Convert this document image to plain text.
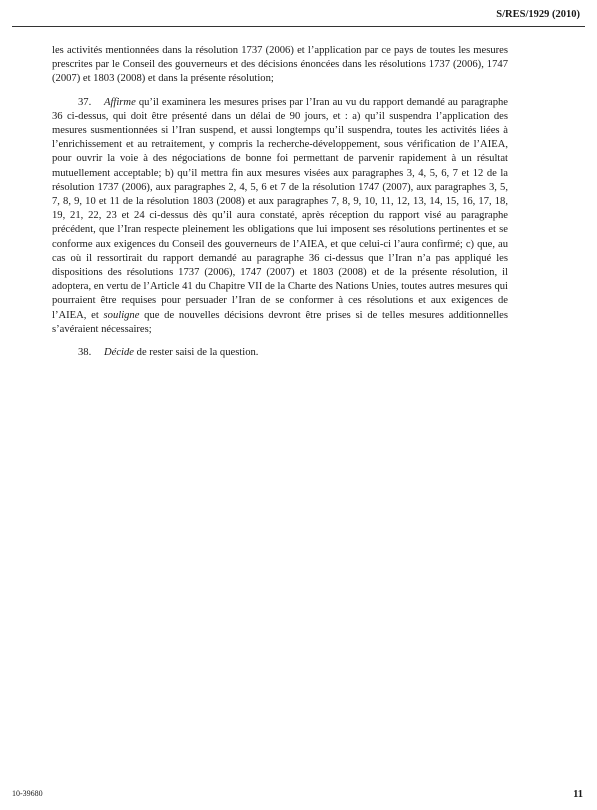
S/RES/1929 (2010)

les activités mentionnées dans la résolution 1737 (2006) et l’application par ce pays de toutes les mesures prescrites par le Conseil des gouverneurs et des décisions énoncées dans les résolutions 1737 (2006), 1747 (2007) et 1803 (2008) et dans la présente résolution;

37. Affirme qu’il examinera les mesures prises par l’Iran au vu du rapport demandé au paragraphe 36 ci-dessus, qui doit être présenté dans un délai de 90 jours, et : a) qu’il suspendra l’application des mesures susmentionnées si l’Iran suspend, et aussi longtemps qu’il suspendra, toutes les activités liées à l’enrichissement et au retraitement, y compris la recherche-développement, sous vérification de l’AIEA, pour ouvrir la voie à des négociations de bonne foi permettant de parvenir rapidement à un résultat mutuellement acceptable; b) qu’il mettra fin aux mesures visées aux paragraphes 3, 4, 5, 6, 7 et 12 de la résolution 1737 (2006), aux paragraphes 2, 4, 5, 6 et 7 de la résolution 1747 (2007), aux paragraphes 3, 5, 7, 8, 9, 10 et 11 de la résolution 1803 (2008) et aux paragraphes 7, 8, 9, 10, 11, 12, 13, 14, 15, 16, 17, 18, 19, 21, 22, 23 et 24 ci-dessus dès qu’il aura constaté, après réception du rapport visé au paragraphe précédent, que l’Iran respecte pleinement les obligations que lui imposent ses résolutions pertinentes et se conforme aux exigences du Conseil des gouverneurs de l’AIEA, et que celui-ci l’aura confirmé; c) que, au cas où il ressortirait du rapport demandé au paragraphe 36 ci-dessus que l’Iran n’a pas appliqué les dispositions des résolutions 1737 (2006), 1747 (2007) et 1803 (2008) et de la présente résolution, il adoptera, en vertu de l’Article 41 du Chapitre VII de la Charte des Nations Unies, toutes autres mesures qui pourraient être requises pour persuader l’Iran de se conformer à ces résolutions et aux exigences de l’AIEA, et souligne que de nouvelles décisions devront être prises si de telles mesures additionnelles s’avéraient nécessaires;

38. Décide de rester saisi de la question.

10-39680	11
